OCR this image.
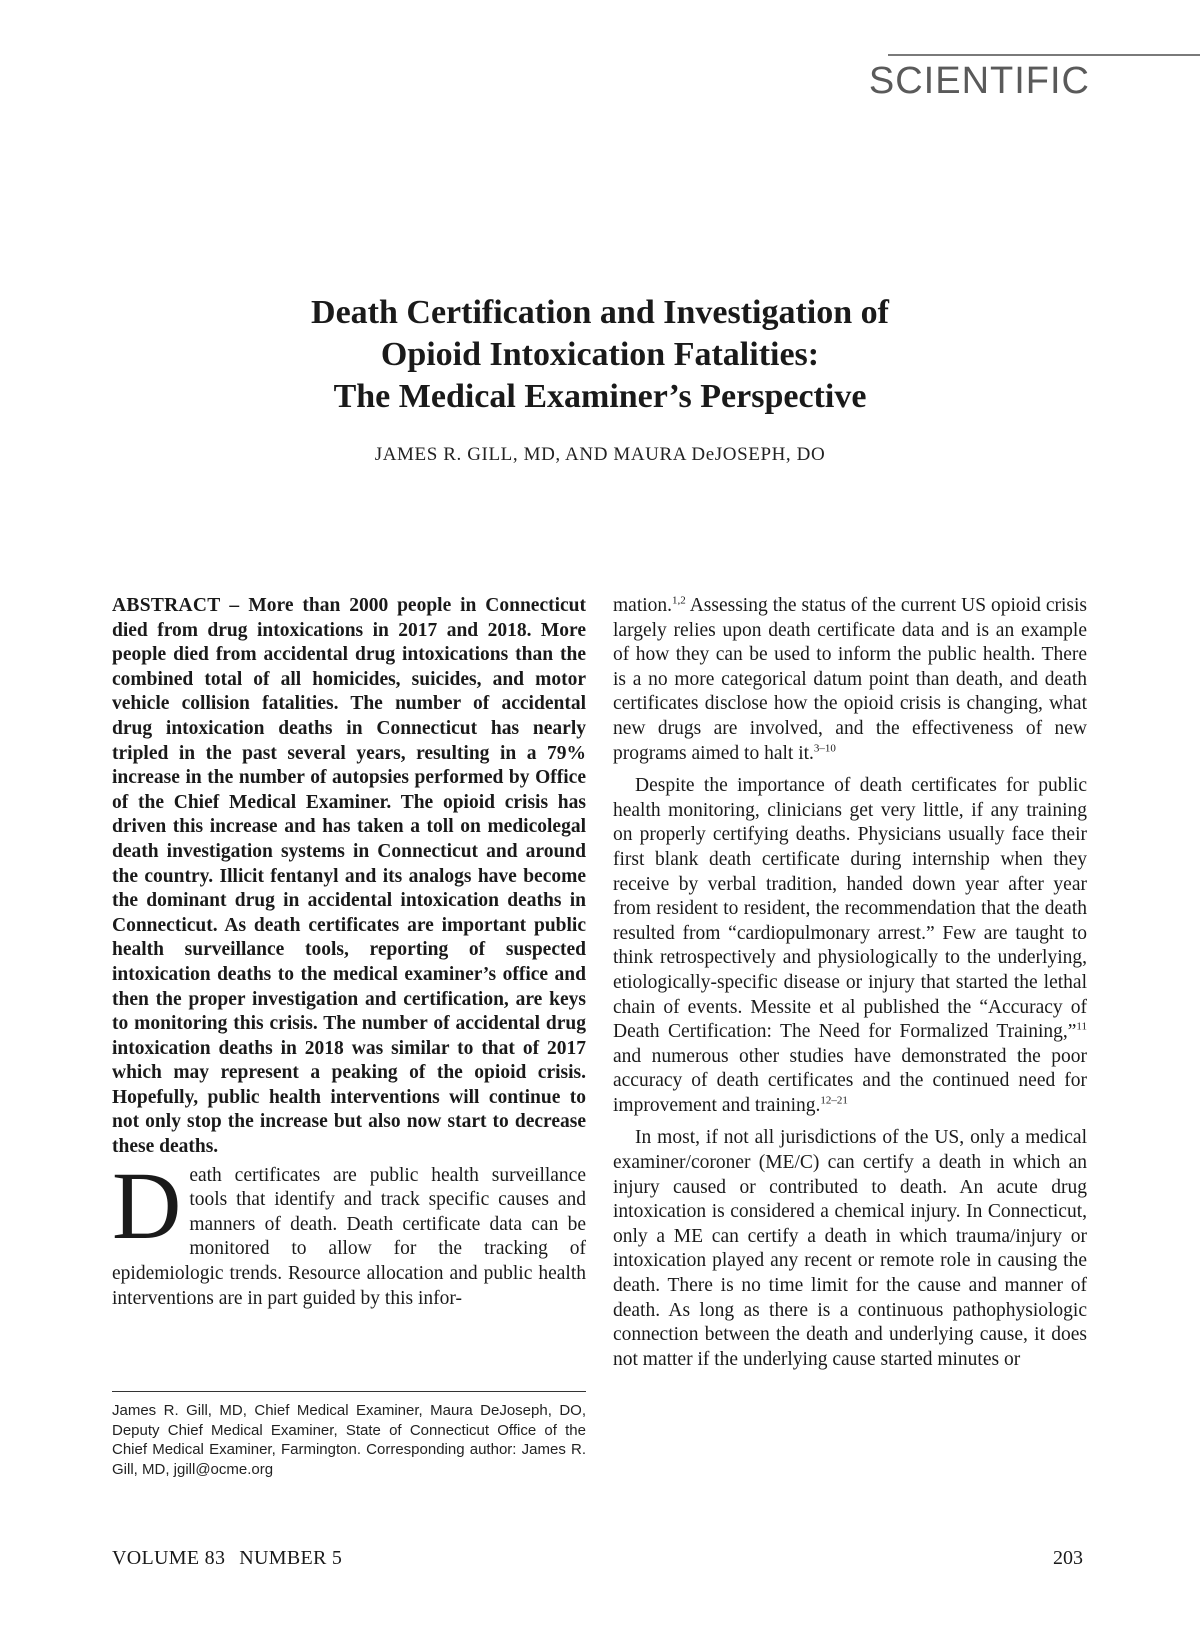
SCIENTIFIC
Death Certification and Investigation of
Opioid Intoxication Fatalities:
The Medical Examiner’s Perspective
JAMES R. GILL, MD, AND MAURA DeJOSEPH, DO

ABSTRACT – More than 2000 people in Connecticut died from drug intoxications in 2017 and 2018. More people died from accidental drug intoxications than the combined total of all homicides, suicides, and motor vehicle collision fatalities. The number of accidental drug intoxication deaths in Connecticut has nearly tripled in the past several years, resulting in a 79% increase in the number of autopsies performed by Office of the Chief Medical Examiner. The opioid crisis has driven this increase and has taken a toll on medicolegal death investigation systems in Connecticut and around the country. Illicit fentanyl and its analogs have become the dominant drug in accidental intoxication deaths in Connecticut. As death certificates are important public health surveillance tools, reporting of suspected intoxication deaths to the medical examiner’s office and then the proper investigation and certification, are keys to monitoring this crisis. The number of accidental drug intoxication deaths in 2018 was similar to that of 2017 which may represent a peaking of the opioid crisis. Hopefully, public health interventions will continue to not only stop the increase but also now start to decrease these deaths.

Death certificates are public health surveillance tools that identify and track specific causes and manners of death. Death certificate data can be monitored to allow for the tracking of epidemiologic trends. Resource allocation and public health interventions are in part guided by this infor-

mation.$^{1,2}$ Assessing the status of the current US opioid crisis largely relies upon death certificate data and is an example of how they can be used to inform the public health. There is a no more categorical datum point than death, and death certificates disclose how the opioid crisis is changing, what new drugs are involved, and the effectiveness of new programs aimed to halt it.$^{3-10}$

Despite the importance of death certificates for public health monitoring, clinicians get very little, if any training on properly certifying deaths. Physicians usually face their first blank death certificate during internship when they receive by verbal tradition, handed down year after year from resident to resident, the recommendation that the death resulted from “cardiopulmonary arrest.” Few are taught to think retrospectively and physiologically to the underlying, etiologically-specific disease or injury that started the lethal chain of events. Messite et al published the “Accuracy of Death Certification: The Need for Formalized Training,”$^{11}$ and numerous other studies have demonstrated the poor accuracy of death certificates and the continued need for improvement and training.$^{12-21}$

In most, if not all jurisdictions of the US, only a medical examiner/coroner (ME/C) can certify a death in which an injury caused or contributed to death. An acute drug intoxication is considered a chemical injury. In Connecticut, only a ME can certify a death in which trauma/injury or intoxication played any recent or remote role in causing the death. There is no time limit for the cause and manner of death. As long as there is a continuous pathophysiologic connection between the death and underlying cause, it does not matter if the underlying cause started minutes or

James R. Gill, MD, Chief Medical Examiner, Maura DeJoseph, DO, Deputy Chief Medical Examiner, State of Connecticut Office of the Chief Medical Examiner, Farmington. Corresponding author: James R. Gill, MD, jgill@ocme.org
VOLUME 83 NUMBER 5	203
